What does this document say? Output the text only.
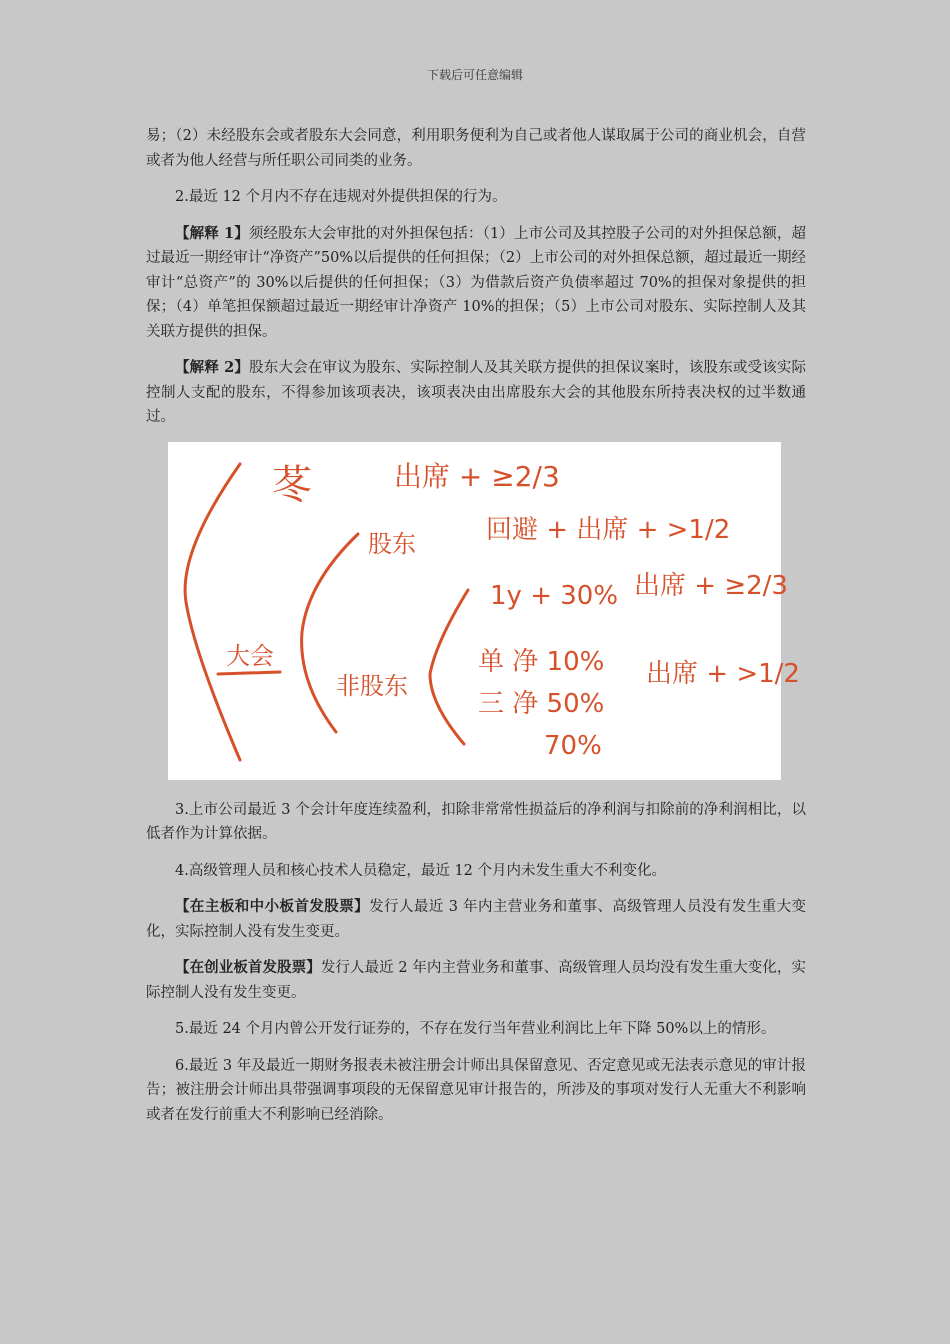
下载后可任意编辑

易；（2）未经股东会或者股东大会同意，利用职务便利为自己或者他人谋取属于公司的商业机会，自营或者为他人经营与所任职公司同类的业务。

2.最近 12 个月内不存在违规对外提供担保的行为。

【解释 1】须经股东大会审批的对外担保包括：（1）上市公司及其控股子公司的对外担保总额，超过最近一期经审计“净资产”50%以后提供的任何担保；（2）上市公司的对外担保总额，超过最近一期经审计“总资产”的 30%以后提供的任何担保；（3）为借款后资产负债率超过 70%的担保对象提供的担保；（4）单笔担保额超过最近一期经审计净资产 10%的担保；（5）上市公司对股东、实际控制人及其关联方提供的担保。

【解释 2】股东大会在审议为股东、实际控制人及其关联方提供的担保议案时，该股东或受该实际控制人支配的股东，不得参加该项表决，该项表决由出席股东大会的其他股东所持表决权的过半数通过。

大会
苳	出席 + ≥2/3
股东	回避 + 出席 + >1/2
非股东
1y + 30% 出席 + ≥2/3
单 净 10%
三 净 50%
70%
出席 + >1/2

3.上市公司最近 3 个会计年度连续盈利，扣除非常常性损益后的净利润与扣除前的净利润相比，以低者作为计算依据。

4.高级管理人员和核心技术人员稳定，最近 12 个月内未发生重大不利变化。

【在主板和中小板首发股票】发行人最近 3 年内主营业务和董事、高级管理人员没有发生重大变化，实际控制人没有发生变更。

【在创业板首发股票】发行人最近 2 年内主营业务和董事、高级管理人员均没有发生重大变化，实际控制人没有发生变更。

5.最近 24 个月内曾公开发行证券的，不存在发行当年营业利润比上年下降 50%以上的情形。

6.最近 3 年及最近一期财务报表未被注册会计师出具保留意见、否定意见或无法表示意见的审计报告；被注册会计师出具带强调事项段的无保留意见审计报告的，所涉及的事项对发行人无重大不利影响或者在发行前重大不利影响已经消除。
